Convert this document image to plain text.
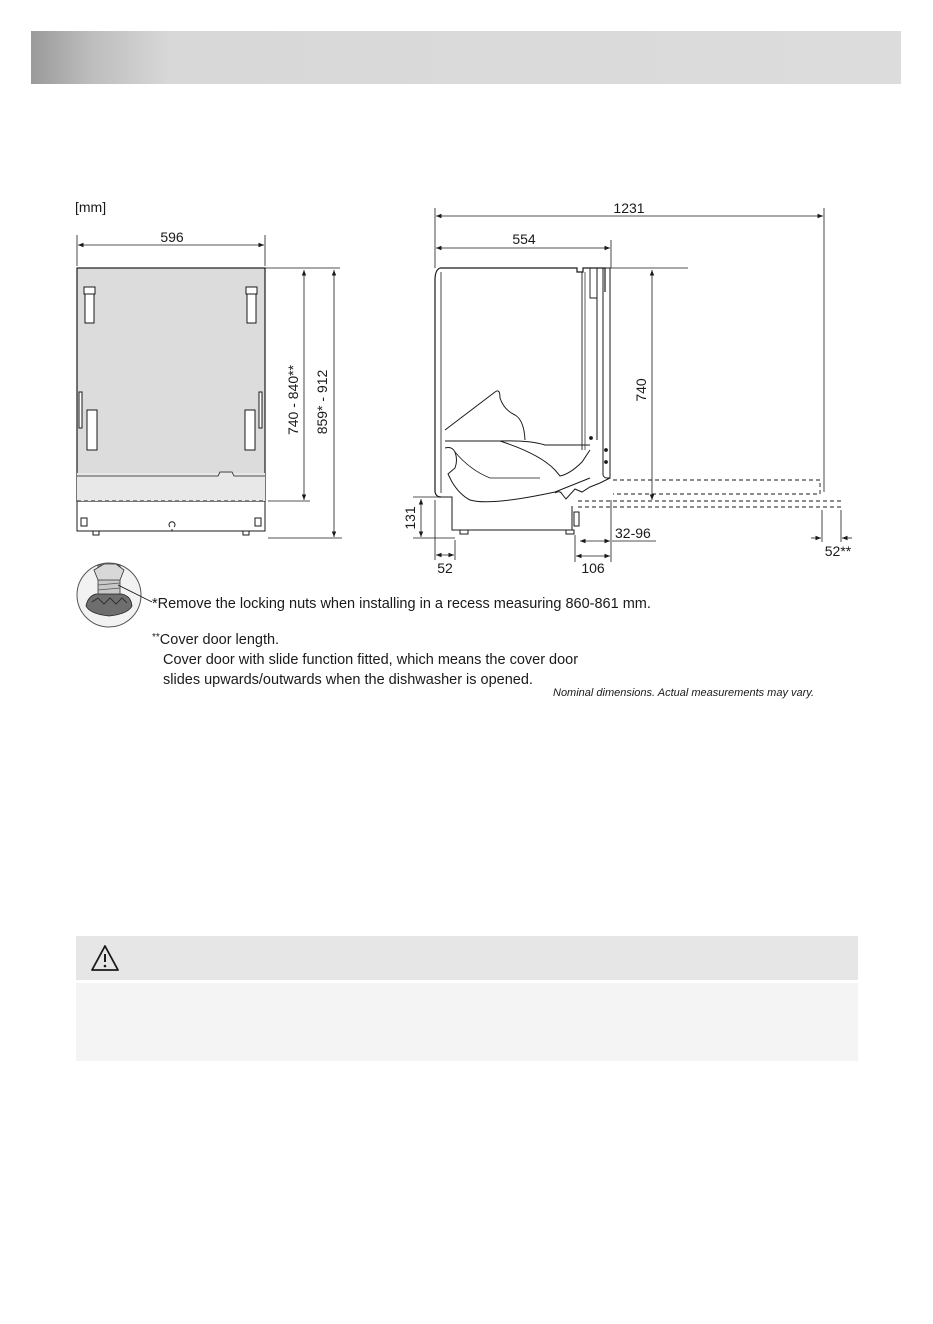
[mm]
596
740 - 840** 859* - 912
1231
554
740
131
52	106
32-96
52**
*Remove the locking nuts when installing in a recess measuring 860-861 mm.
**Cover door length.
Cover door with slide function fitted, which means the cover door
slides upwards/outwards when the dishwasher is opened.
Nominal dimensions. Actual measurements may vary.
